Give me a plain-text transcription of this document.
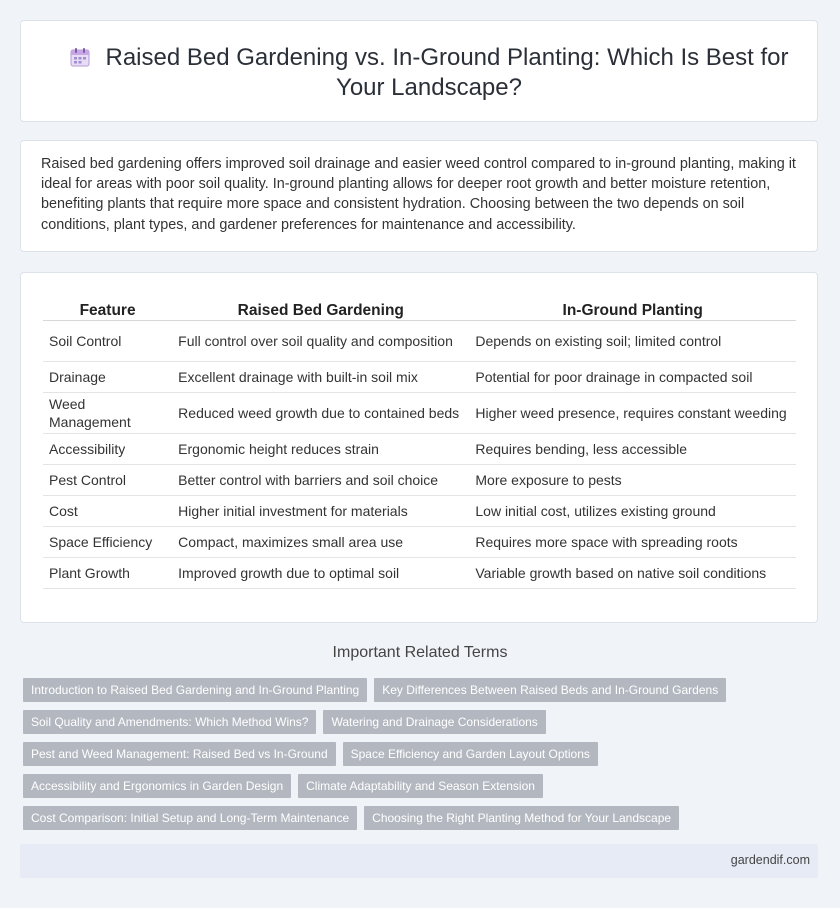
Raised Bed Gardening vs. In-Ground Planting: Which Is Best for Your Landscape?

Raised bed gardening offers improved soil drainage and easier weed control compared to in-ground planting, making it ideal for areas with poor soil quality. In-ground planting allows for deeper root growth and better moisture retention, benefiting plants that require more space and consistent hydration. Choosing between the two depends on soil conditions, plant types, and gardener preferences for maintenance and accessibility.

Feature	Raised Bed Gardening	In-Ground Planting
Soil Control	Full control over soil quality and composition	Depends on existing soil; limited control
Drainage	Excellent drainage with built-in soil mix	Potential for poor drainage in compacted soil
Weed Management	Reduced weed growth due to contained beds	Higher weed presence, requires constant weeding
Accessibility	Ergonomic height reduces strain	Requires bending, less accessible
Pest Control	Better control with barriers and soil choice	More exposure to pests
Cost	Higher initial investment for materials	Low initial cost, utilizes existing ground
Space Efficiency	Compact, maximizes small area use	Requires more space with spreading roots
Plant Growth	Improved growth due to optimal soil	Variable growth based on native soil conditions
Important Related Terms
Introduction to Raised Bed Gardening and In-Ground Planting Key Differences Between Raised Beds and In-Ground Gardens
Soil Quality and Amendments: Which Method Wins? Watering and Drainage Considerations
Pest and Weed Management: Raised Bed vs In-Ground Space Efficiency and Garden Layout Options
Accessibility and Ergonomics in Garden Design Climate Adaptability and Season Extension
Cost Comparison: Initial Setup and Long-Term Maintenance Choosing the Right Planting Method for Your Landscape
gardendif.com
